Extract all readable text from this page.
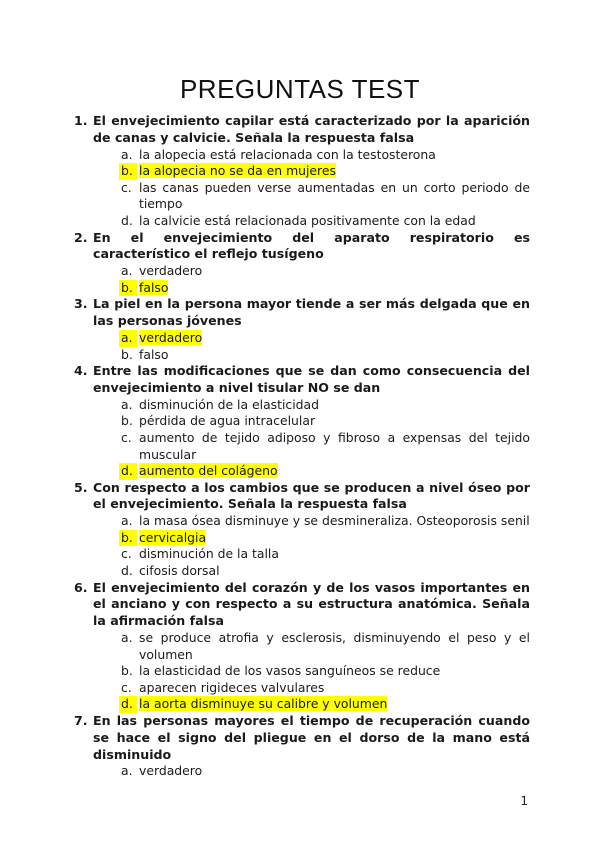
PREGUNTAS TEST
1. El envejecimiento capilar está caracterizado por la aparición de canas y calvicie. Señala la respuesta falsa
a. la alopecia está relacionada con la testosterona
b. la alopecia no se da en mujeres
c. las canas pueden verse aumentadas en un corto periodo de tiempo
d. la calvicie está relacionada positivamente con la edad
2. En el envejecimiento del aparato respiratorio es característico el reflejo tusígeno
a. verdadero
b. falso
3. La piel en la persona mayor tiende a ser más delgada que en las personas jóvenes
a. verdadero
b. falso
4. Entre las modificaciones que se dan como consecuencia del envejecimiento a nivel tisular NO se dan
a. disminución de la elasticidad
b. pérdida de agua intracelular
c. aumento de tejido adiposo y fibroso a expensas del tejido muscular
d. aumento del colágeno
5. Con respecto a los cambios que se producen a nivel óseo por el envejecimiento. Señala la respuesta falsa
a. la masa ósea disminuye y se desmineraliza. Osteoporosis senil
b. cervicalgia
c. disminución de la talla
d. cifosis dorsal
6. El envejecimiento del corazón y de los vasos importantes en el anciano y con respecto a su estructura anatómica. Señala la afirmación falsa
a. se produce atrofia y esclerosis, disminuyendo el peso y el volumen
b. la elasticidad de los vasos sanguíneos se reduce
c. aparecen rigideces valvulares
d. la aorta disminuye su calibre y volumen
7. En las personas mayores el tiempo de recuperación cuando se hace el signo del pliegue en el dorso de la mano está disminuido
a. verdadero
1
